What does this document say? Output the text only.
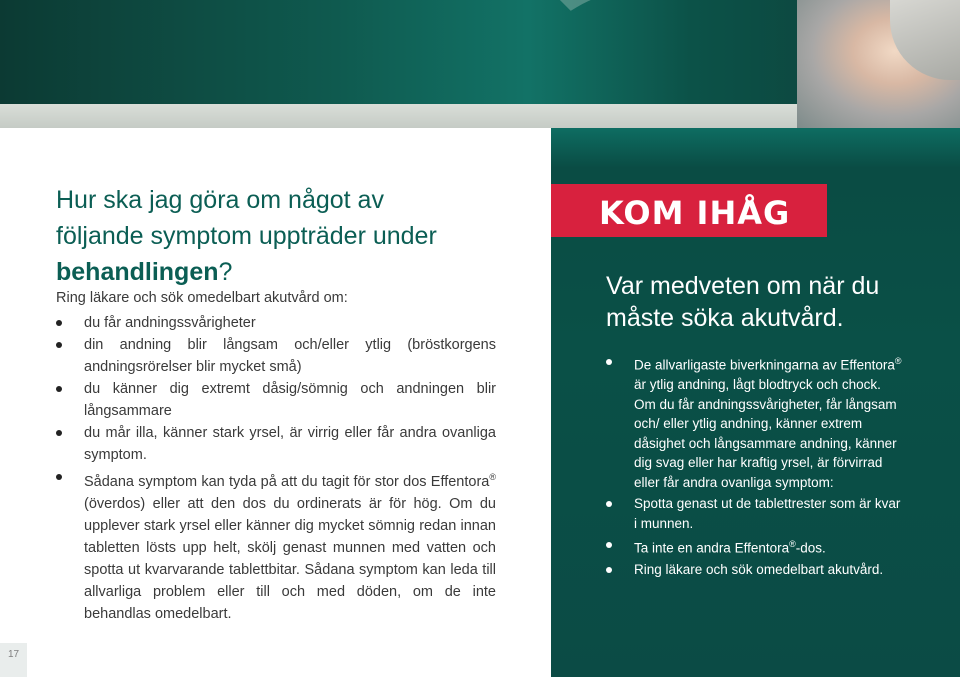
Hur ska jag göra om något av
följande symptom uppträder under
behandlingen?

Ring läkare och sök omedelbart akutvård om:

du får andningssvårigheter
din andning blir långsam och/eller ytlig (bröstkorgens andningsrörelser blir mycket små)
du känner dig extremt dåsig/sömnig och andningen blir långsammare
du mår illa, känner stark yrsel, är virrig eller får andra ovanliga symptom.
Sådana symptom kan tyda på att du tagit för stor dos Effentora® (överdos) eller att den dos du ordinerats är för hög. Om du upplever stark yrsel eller känner dig mycket sömnig redan innan tabletten lösts upp helt, skölj genast munnen med vatten och spotta ut kvarvarande tablettbitar. Sådana symptom kan leda till allvarliga problem eller till och med döden, om de inte behandlas omedelbart.
17

KOM IHÅG

Var medveten om när du måste söka akutvård.
De allvarligaste biverkningarna av Effentora® är ytlig andning, lågt blodtryck och chock. Om du får andningssvårigheter, får långsam och/ eller ytlig andning, känner extrem dåsighet och långsammare andning, känner dig svag eller har kraftig yrsel, är förvirrad eller får andra ovanliga symptom:
Spotta genast ut de tablettrester som är kvar i munnen.
Ta inte en andra Effentora®-dos.
Ring läkare och sök omedelbart akutvård.
